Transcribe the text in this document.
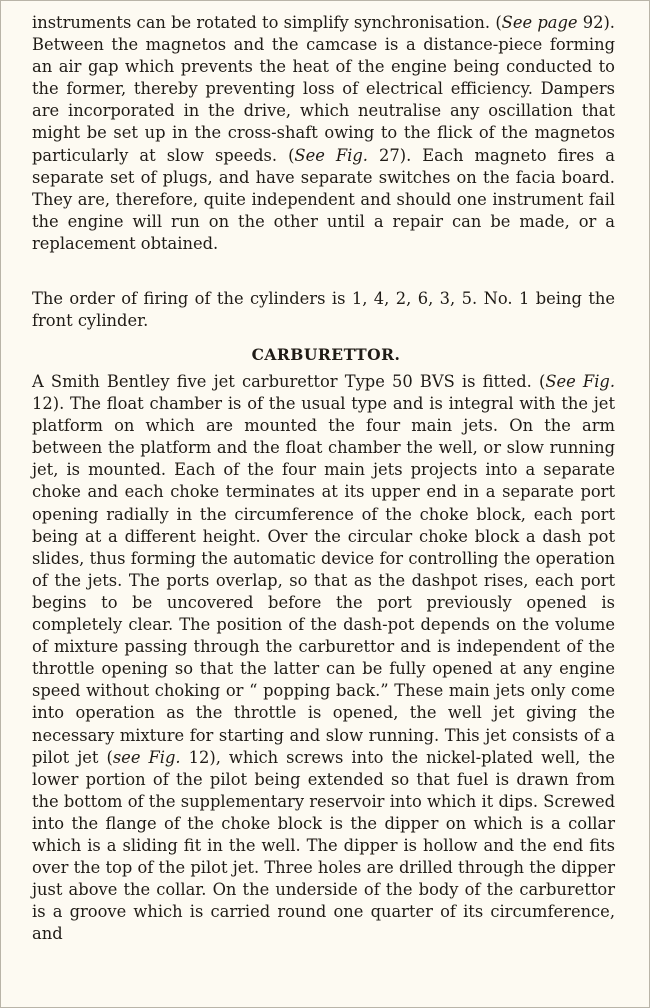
instruments can be rotated to simplify synchronisation. (See page 92). Between the magnetos and the camcase is a distance-piece forming an air gap which prevents the heat of the engine being conducted to the former, thereby preventing loss of electrical efficiency. Dampers are incorporated in the drive, which neutralise any oscillation that might be set up in the cross-shaft owing to the flick of the magnetos particularly at slow speeds. (See Fig. 27). Each magneto fires a separate set of plugs, and have separate switches on the facia board. They are, therefore, quite independent and should one instrument fail the engine will run on the other until a repair can be made, or a replacement obtained.

The order of firing of the cylinders is 1, 4, 2, 6, 3, 5. No. 1 being the front cylinder.

CARBURETTOR.

A Smith Bentley five jet carburettor Type 50 BVS is fitted. (See Fig. 12). The float chamber is of the usual type and is integral with the jet platform on which are mounted the four main jets. On the arm between the platform and the float chamber the well, or slow running jet, is mounted. Each of the four main jets projects into a separate choke and each choke terminates at its upper end in a separate port opening radially in the circumference of the choke block, each port being at a different height. Over the circular choke block a dash pot slides, thus forming the automatic device for controlling the operation of the jets. The ports overlap, so that as the dashpot rises, each port begins to be uncovered before the port previously opened is completely clear. The position of the dash-pot depends on the volume of mixture passing through the carburettor and is independent of the throttle opening so that the latter can be fully opened at any engine speed without choking or “ popping back.” These main jets only come into operation as the throttle is opened, the well jet giving the necessary mixture for starting and slow running. This jet consists of a pilot jet (see Fig. 12), which screws into the nickel-plated well, the lower portion of the pilot being extended so that fuel is drawn from the bottom of the supplementary reservoir into which it dips. Screwed into the flange of the choke block is the dipper on which is a collar which is a sliding fit in the well. The dipper is hollow and the end fits over the top of the pilot jet. Three holes are drilled through the dipper just above the collar. On the underside of the body of the carburettor is a groove which is carried round one quarter of its circumference, and
